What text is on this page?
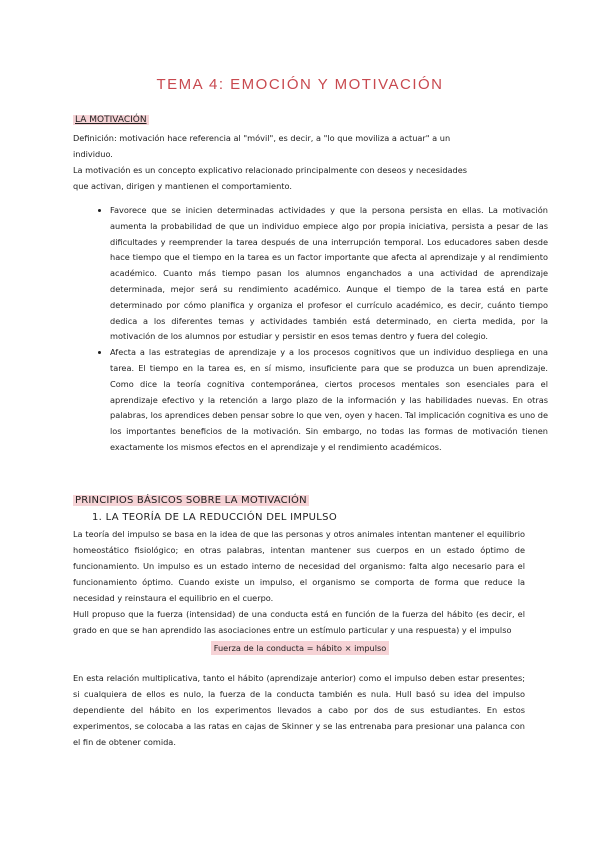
TEMA 4: EMOCIÓN Y MOTIVACIÓN
LA MOTIVACIÓN
Definición: motivación hace referencia al "móvil", es decir, a "lo que moviliza a actuar" a un
individuo.
La motivación es un concepto explicativo relacionado principalmente con deseos y necesidades
que activan, dirigen y mantienen el comportamiento.
• Favorece que se inicien determinadas actividades y que la persona persista en ellas. La motivación aumenta la probabilidad de que un individuo empiece algo por propia iniciativa, persista a pesar de las dificultades y reemprender la tarea después de una interrupción temporal. Los educadores saben desde hace tiempo que el tiempo en la tarea es un factor importante que afecta al aprendizaje y al rendimiento académico. Cuanto más tiempo pasan los alumnos enganchados a una actividad de aprendizaje determinada, mejor será su rendimiento académico. Aunque el tiempo de la tarea está en parte determinado por cómo planifica y organiza el profesor el currículo académico, es decir, cuánto tiempo dedica a los diferentes temas y actividades también está determinado, en cierta medida, por la motivación de los alumnos por estudiar y persistir en esos temas dentro y fuera del colegio.
• Afecta a las estrategias de aprendizaje y a los procesos cognitivos que un individuo despliega en una tarea. El tiempo en la tarea es, en sí mismo, insuficiente para que se produzca un buen aprendizaje. Como dice la teoría cognitiva contemporánea, ciertos procesos mentales son esenciales para el aprendizaje efectivo y la retención a largo plazo de la información y las habilidades nuevas. En otras palabras, los aprendices deben pensar sobre lo que ven, oyen y hacen. Tal implicación cognitiva es uno de los importantes beneficios de la motivación. Sin embargo, no todas las formas de motivación tienen exactamente los mismos efectos en el aprendizaje y el rendimiento académicos.
PRINCIPIOS BÁSICOS SOBRE LA MOTIVACIÓN
1. LA TEORÍA DE LA REDUCCIÓN DEL IMPULSO
La teoría del impulso se basa en la idea de que las personas y otros animales intentan mantener el equilibrio homeostático fisiológico; en otras palabras, intentan mantener sus cuerpos en un estado óptimo de funcionamiento. Un impulso es un estado interno de necesidad del organismo: falta algo necesario para el funcionamiento óptimo. Cuando existe un impulso, el organismo se comporta de forma que reduce la necesidad y reinstaura el equilibrio en el cuerpo.
Hull propuso que la fuerza (intensidad) de una conducta está en función de la fuerza del hábito (es decir, el grado en que se han aprendido las asociaciones entre un estímulo particular y una respuesta) y el impulso
Fuerza de la conducta = hábito × impulso
En esta relación multiplicativa, tanto el hábito (aprendizaje anterior) como el impulso deben estar presentes; si cualquiera de ellos es nulo, la fuerza de la conducta también es nula. Hull basó su idea del impulso dependiente del hábito en los experimentos llevados a cabo por dos de sus estudiantes. En estos experimentos, se colocaba a las ratas en cajas de Skinner y se las entrenaba para presionar una palanca con el fin de obtener comida.
